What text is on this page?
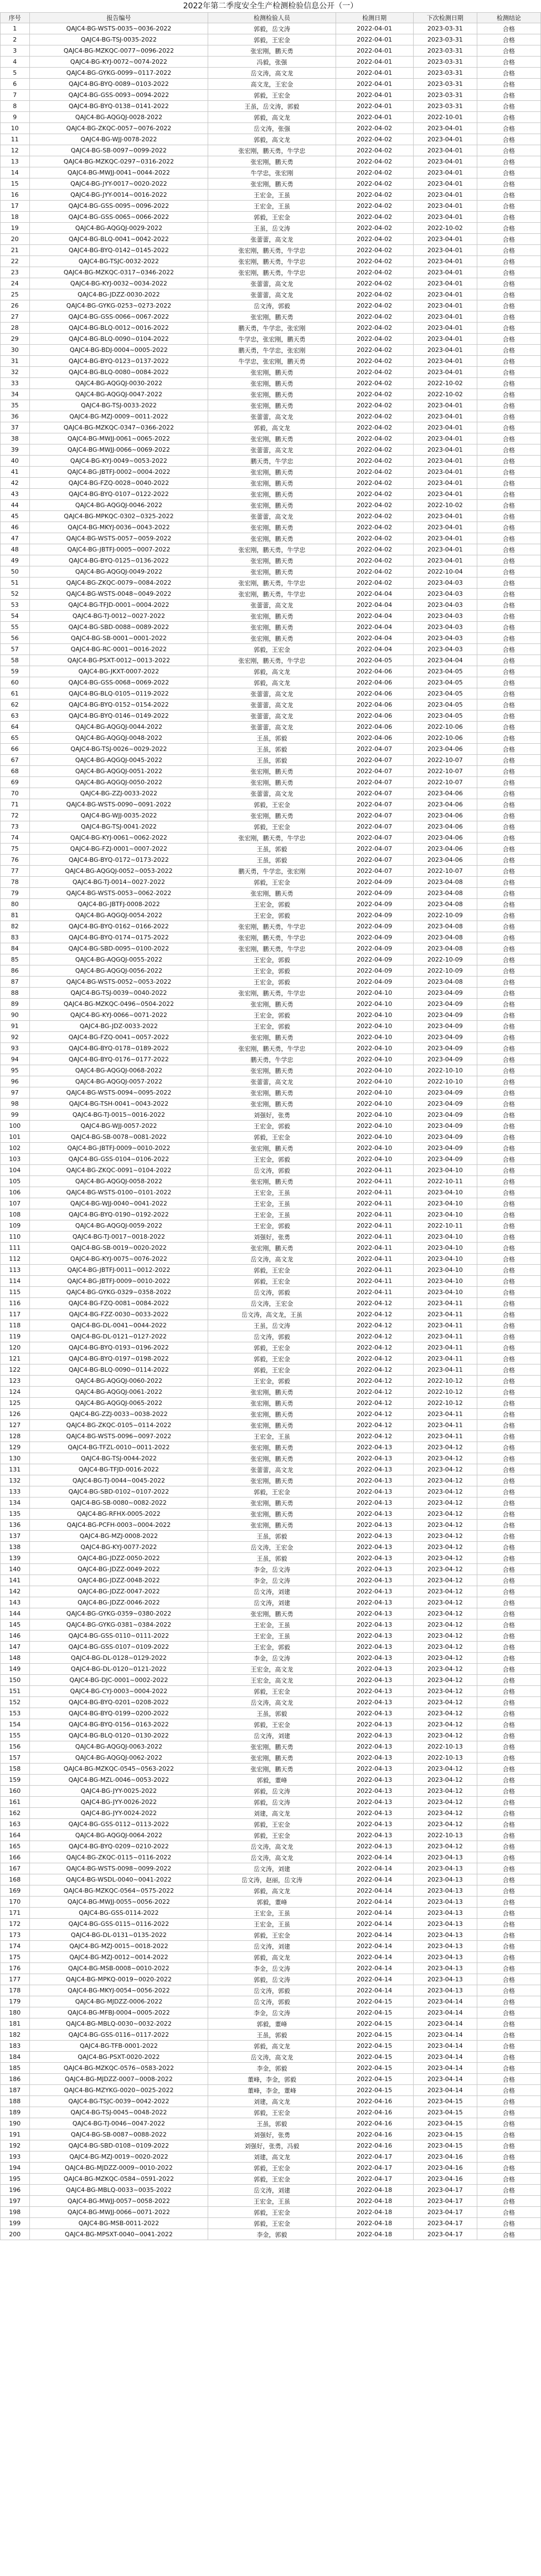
2022年第二季度安全生产检测检验信息公开（一）
序号	报告编号	检测检验人员	检测日期	下次检测日期	检测结论
1	QAJC4-BG-WSTS-0035~0036-2022	郭毅，岳文涛	2022-04-01	2023-03-31	合格
2	QAJC4-BG-TSJ-0035-2022	郭毅，王宏金	2022-04-01	2023-03-31	合格
3	QAJC4-BG-MZKQC-0077~0096-2022	张宏刚，鹏天勇	2022-04-01	2023-03-31	合格
4	QAJC4-BG-KYJ-0072~0074-2022	冯毅，张强	2022-04-01	2023-03-31	合格
5	QAJC4-BG-GYKG-0099~0117-2022	岳文涛，高文龙	2022-04-01	2023-03-31	合格
6	QAJC4-BG-BYQ-0089~0103-2022	高文龙，王宏金	2022-04-01	2023-03-31	合格
7	QAJC4-BG-GSS-0093~0094-2022	郭毅，王宏金	2022-04-01	2023-03-31	合格
8	QAJC4-BG-BYQ-0138~0141-2022	王虽，岳文涛，郭毅	2022-04-01	2023-03-31	合格
9	QAJC4-BG-AQGQJ-0028-2022	郭毅，高文龙	2022-04-01	2022-10-01	合格
10	QAJC4-BG-ZKQC-0057~0076-2022	岳文涛，张强	2022-04-02	2023-04-01	合格
11	QAJC4-BG-WJJ-0078-2022	郭毅，高文龙	2022-04-02	2023-04-01	合格
12	QAJC4-BG-SB-0097~0099-2022	张宏刚，鹏天勇，牛学忠	2022-04-02	2023-04-01	合格
13	QAJC4-BG-MZKQC-0297~0316-2022	张宏刚，鹏天勇	2022-04-02	2023-04-01	合格
14	QAJC4-BG-MWJJ-0041~0044-2022	牛学忠，张宏刚	2022-04-02	2023-04-01	合格
15	QAJC4-BG-JYY-0017~0020-2022	张宏刚，鹏天勇	2022-04-02	2023-04-01	合格
16	QAJC4-BG-JYY-0014~0016-2022	王宏金，王虽	2022-04-02	2023-04-01	合格
17	QAJC4-BG-GSS-0095~0096-2022	王宏金，王虽	2022-04-02	2023-04-01	合格
18	QAJC4-BG-GSS-0065~0066-2022	郭毅，王宏金	2022-04-02	2023-04-01	合格
19	QAJC4-BG-AQGQJ-0029-2022	王虽，岳文涛	2022-04-02	2022-10-02	合格
20	QAJC4-BG-BLQ-0041~0042-2022	张蕾蕾，高文龙	2022-04-02	2023-04-01	合格
21	QAJC4-BG-BYQ-0142~0145-2022	张宏刚，鹏天勇，牛学忠	2022-04-02	2023-04-01	合格
22	QAJC4-BG-TSJC-0032-2022	张宏刚，鹏天勇，牛学忠	2022-04-02	2023-04-01	合格
23	QAJC4-BG-MZKQC-0317~0346-2022	张宏刚，鹏天勇，牛学忠	2022-04-02	2023-04-01	合格
24	QAJC4-BG-KYJ-0032~0034-2022	张蕾蕾，高文龙	2022-04-02	2023-04-01	合格
25	QAJC4-BG-JDZZ-0030-2022	张蕾蕾，高文龙	2022-04-02	2023-04-01	合格
26	QAJC4-BG-GYKG-0253~0273-2022	岳文涛，郭毅	2022-04-02	2023-04-01	合格
27	QAJC4-BG-GSS-0066~0067-2022	张宏刚，鹏天勇	2022-04-02	2023-04-01	合格
28	QAJC4-BG-BLQ-0012~0016-2022	鹏天勇，牛学忠，张宏刚	2022-04-02	2023-04-01	合格
29	QAJC4-BG-BLQ-0090~0104-2022	牛学忠，张宏刚，鹏天勇	2022-04-02	2023-04-01	合格
30	QAJC4-BG-BDJ-0004~0005-2022	鹏天勇，牛学忠，张宏刚	2022-04-02	2023-04-01	合格
31	QAJC4-BG-BYQ-0123~0137-2022	牛学忠，张宏刚，鹏天勇	2022-04-02	2023-04-01	合格
32	QAJC4-BG-BLQ-0080~0084-2022	张宏刚，鹏天勇	2022-04-02	2023-04-01	合格
33	QAJC4-BG-AQGQJ-0030-2022	张宏刚，鹏天勇	2022-04-02	2022-10-02	合格
34	QAJC4-BG-AQGQJ-0047-2022	张宏刚，鹏天勇	2022-04-02	2022-10-02	合格
35	QAJC4-BG-TSJ-0033-2022	张宏刚，鹏天勇	2022-04-02	2023-04-01	合格
36	QAJC4-BG-MZJ-0009~0011-2022	张蕾蕾，高文龙	2022-04-02	2023-04-01	合格
37	QAJC4-BG-MZKQC-0347~0366-2022	郭毅，高文龙	2022-04-02	2023-04-01	合格
38	QAJC4-BG-MWJJ-0061~0065-2022	张宏刚，鹏天勇	2022-04-02	2023-04-01	合格
39	QAJC4-BG-MWJJ-0066~0069-2022	张蕾蕾，高文龙	2022-04-02	2023-04-01	合格
40	QAJC4-BG-KYJ-0049~0053-2022	鹏天勇，牛学忠	2022-04-02	2023-04-01	合格
41	QAJC4-BG-JBTFJ-0002~0004-2022	张宏刚，鹏天勇	2022-04-02	2023-04-01	合格
42	QAJC4-BG-FZQ-0028~0040-2022	张宏刚，鹏天勇	2022-04-02	2023-04-01	合格
43	QAJC4-BG-BYQ-0107~0122-2022	张宏刚，鹏天勇	2022-04-02	2023-04-01	合格
44	QAJC4-BG-AQGQJ-0046-2022	张宏刚，鹏天勇	2022-04-02	2022-10-02	合格
45	QAJC4-BG-MPKQC-0302~0325-2022	张蕾蕾，高文龙	2022-04-02	2023-04-01	合格
46	QAJC4-BG-MKYJ-0036~0043-2022	张宏刚，鹏天勇	2022-04-02	2023-04-01	合格
47	QAJC4-BG-WSTS-0057~0059-2022	张宏刚，鹏天勇	2022-04-02	2023-04-01	合格
48	QAJC4-BG-JBTFJ-0005~0007-2022	张宏刚，鹏天勇，牛学忠	2022-04-02	2023-04-01	合格
49	QAJC4-BG-BYQ-0125~0136-2022	张宏刚，鹏天勇	2022-04-02	2023-04-01	合格
50	QAJC4-BG-AQGQJ-0049-2022	张宏刚，鹏天勇	2022-04-02	2022-10-04	合格
51	QAJC4-BG-ZKQC-0079~0084-2022	张宏刚，鹏天勇，牛学忠	2022-04-02	2023-04-03	合格
52	QAJC4-BG-WSTS-0048~0049-2022	张宏刚，鹏天勇，牛学忠	2022-04-04	2023-04-03	合格
53	QAJC4-BG-TFJD-0001~0004-2022	张蕾蕾，高文龙	2022-04-04	2023-04-03	合格
54	QAJC4-BG-TJ-0012~0027-2022	张宏刚，鹏天勇	2022-04-04	2023-04-03	合格
55	QAJC4-BG-SBD-0088~0089-2022	张宏刚，鹏天勇	2022-04-04	2023-04-03	合格
56	QAJC4-BG-SB-0001~0001-2022	张宏刚，鹏天勇	2022-04-04	2023-04-03	合格
57	QAJC4-BG-RC-0001~0016-2022	郭毅，王宏金	2022-04-04	2023-04-03	合格
58	QAJC4-BG-PSXT-0012~0013-2022	张宏刚，鹏天勇，牛学忠	2022-04-05	2023-04-04	合格
59	QAJC4-BG-JKXT-0007-2022	郭毅，高文龙	2022-04-06	2023-04-05	合格
60	QAJC4-BG-GSS-0068~0069-2022	郭毅，高文龙	2022-04-06	2023-04-05	合格
61	QAJC4-BG-BLQ-0105~0119-2022	张蕾蕾，高文龙	2022-04-06	2023-04-05	合格
62	QAJC4-BG-BYQ-0152~0154-2022	张蕾蕾，高文龙	2022-04-06	2023-04-05	合格
63	QAJC4-BG-BYQ-0146~0149-2022	张蕾蕾，高文龙	2022-04-06	2023-04-05	合格
64	QAJC4-BG-AQGQJ-0044-2022	张蕾蕾，高文龙	2022-04-06	2022-10-06	合格
65	QAJC4-BG-AQGQJ-0048-2022	王虽，郭毅	2022-04-06	2022-10-06	合格
66	QAJC4-BG-TSJ-0026~0029-2022	王虽，郭毅	2022-04-07	2023-04-06	合格
67	QAJC4-BG-AQGQJ-0045-2022	王虽，郭毅	2022-04-07	2022-10-07	合格
68	QAJC4-BG-AQGQJ-0051-2022	张宏刚，鹏天勇	2022-04-07	2022-10-07	合格
69	QAJC4-BG-AQGQJ-0050-2022	张宏刚，鹏天勇	2022-04-07	2022-10-07	合格
70	QAJC4-BG-ZZJ-0033-2022	张蕾蕾，高文龙	2022-04-07	2023-04-06	合格
71	QAJC4-BG-WSTS-0090~0091-2022	郭毅，王宏金	2022-04-07	2023-04-06	合格
72	QAJC4-BG-WJJ-0035-2022	张宏刚，鹏天勇	2022-04-07	2023-04-06	合格
73	QAJC4-BG-TSJ-0041-2022	郭毅，王宏金	2022-04-07	2023-04-06	合格
74	QAJC4-BG-KYJ-0061~0062-2022	张宏刚，鹏天勇，牛学忠	2022-04-07	2023-04-06	合格
75	QAJC4-BG-FZJ-0001~0007-2022	王虽，郭毅	2022-04-07	2023-04-06	合格
76	QAJC4-BG-BYQ-0172~0173-2022	王虽，郭毅	2022-04-07	2023-04-06	合格
77	QAJC4-BG-AQGQJ-0052~0053-2022	鹏天勇，牛学忠，张宏刚	2022-04-07	2022-10-07	合格
78	QAJC4-BG-TJ-0014~0027-2022	郭毅，王宏金	2022-04-09	2023-04-08	合格
79	QAJC4-BG-WSTS-0053~0062-2022	张宏刚，鹏天勇	2022-04-09	2023-04-08	合格
80	QAJC4-BG-JBTFJ-0008-2022	王宏金，郭毅	2022-04-09	2023-04-08	合格
81	QAJC4-BG-AQGQJ-0054-2022	王宏金，郭毅	2022-04-09	2022-10-09	合格
82	QAJC4-BG-BYQ-0162~0166-2022	张宏刚，鹏天勇，牛学忠	2022-04-09	2023-04-08	合格
83	QAJC4-BG-BYQ-0174~0175-2022	张宏刚，鹏天勇，牛学忠	2022-04-09	2023-04-08	合格
84	QAJC4-BG-SBD-0095~0100-2022	张宏刚，鹏天勇，牛学忠	2022-04-09	2023-04-08	合格
85	QAJC4-BG-AQGQJ-0055-2022	王宏金，郭毅	2022-04-09	2022-10-09	合格
86	QAJC4-BG-AQGQJ-0056-2022	王宏金，郭毅	2022-04-09	2022-10-09	合格
87	QAJC4-BG-WSTS-0052~0053-2022	王宏金，郭毅	2022-04-09	2023-04-08	合格
88	QAJC4-BG-TSJ-0039~0040-2022	张宏刚，鹏天勇，牛学忠	2022-04-10	2023-04-09	合格
89	QAJC4-BG-MZKQC-0496~0504-2022	张宏刚，鹏天勇	2022-04-10	2023-04-09	合格
90	QAJC4-BG-KYJ-0066~0071-2022	王宏金，郭毅	2022-04-10	2023-04-09	合格
91	QAJC4-BG-JDZ-0033-2022	王宏金，郭毅	2022-04-10	2023-04-09	合格
92	QAJC4-BG-FZQ-0041~0057-2022	张宏刚，鹏天勇	2022-04-10	2023-04-09	合格
93	QAJC4-BG-BYQ-0178~0189-2022	张宏刚，鹏天勇，牛学忠	2022-04-10	2023-04-09	合格
94	QAJC4-BG-BYQ-0176~0177-2022	鹏天勇，牛学忠	2022-04-10	2023-04-09	合格
95	QAJC4-BG-AQGQJ-0068-2022	张宏刚，鹏天勇	2022-04-10	2022-10-10	合格
96	QAJC4-BG-AQGQJ-0057-2022	张蕾蕾，高文龙	2022-04-10	2022-10-10	合格
97	QAJC4-BG-WSTS-0094~0095-2022	张宏刚，鹏天勇	2022-04-10	2023-04-09	合格
98	QAJC4-BG-TSH-0041~0043-2022	张宏刚，鹏天勇	2022-04-10	2023-04-09	合格
99	QAJC4-BG-TJ-0015~0016-2022	刘强好，张勇	2022-04-10	2023-04-09	合格
100	QAJC4-BG-WJJ-0057-2022	王宏金，郭毅	2022-04-10	2023-04-09	合格
101	QAJC4-BG-SB-0078~0081-2022	郭毅，王宏金	2022-04-10	2023-04-09	合格
102	QAJC4-BG-JBTFJ-0009~0010-2022	张宏刚，鹏天勇	2022-04-10	2023-04-09	合格
103	QAJC4-BG-GSS-0104~0106-2022	王宏金，郭毅	2022-04-10	2023-04-09	合格
104	QAJC4-BG-ZKQC-0091~0104-2022	岳文涛，郭毅	2022-04-11	2023-04-10	合格
105	QAJC4-BG-AQGQJ-0058-2022	张宏刚，鹏天勇	2022-04-11	2022-10-11	合格
106	QAJC4-BG-WSTS-0100~0101-2022	王宏金，王虽	2022-04-11	2023-04-10	合格
107	QAJC4-BG-WJJ-0040~0041-2022	王宏金，王虽	2022-04-11	2023-04-10	合格
108	QAJC4-BG-BYQ-0190~0192-2022	王宏金，王虽	2022-04-11	2023-04-10	合格
109	QAJC4-BG-AQGQJ-0059-2022	王宏金，郭毅	2022-04-11	2022-10-11	合格
110	QAJC4-BG-TJ-0017~0018-2022	刘强好，张勇	2022-04-11	2023-04-10	合格
111	QAJC4-BG-SB-0019~0020-2022	张宏刚，鹏天勇	2022-04-11	2023-04-10	合格
112	QAJC4-BG-KYJ-0075~0076-2022	岳文涛，高文龙	2022-04-11	2023-04-10	合格
113	QAJC4-BG-JBTFJ-0011~0012-2022	郭毅，王宏金	2022-04-11	2023-04-10	合格
114	QAJC4-BG-JBTFJ-0009~0010-2022	郭毅，王宏金	2022-04-11	2023-04-10	合格
115	QAJC4-BG-GYKG-0329~0358-2022	岳文涛，郭毅	2022-04-11	2023-04-10	合格
116	QAJC4-BG-FZQ-0081~0084-2022	岳文涛，王宏金	2022-04-12	2023-04-11	合格
117	QAJC4-BG-FZZ-0030~0033-2022	岳文涛，高文龙，王虽	2022-04-12	2023-04-11	合格
118	QAJC4-BG-DL-0041~0044-2022	王虽，岳文涛	2022-04-12	2023-04-11	合格
119	QAJC4-BG-DL-0121~0127-2022	岳文涛，郭毅	2022-04-12	2023-04-11	合格
120	QAJC4-BG-BYQ-0193~0196-2022	郭毅，王宏金	2022-04-12	2023-04-11	合格
121	QAJC4-BG-BYQ-0197~0198-2022	郭毅，王宏金	2022-04-12	2023-04-11	合格
122	QAJC4-BG-BLQ-0090~0114-2022	郭毅，王宏金	2022-04-12	2023-04-11	合格
123	QAJC4-BG-AQGQJ-0060-2022	王宏金，郭毅	2022-04-12	2022-10-12	合格
124	QAJC4-BG-AQGQJ-0061-2022	张宏刚，鹏天勇	2022-04-12	2022-10-12	合格
125	QAJC4-BG-AQGQJ-0065-2022	张宏刚，鹏天勇	2022-04-12	2022-10-12	合格
126	QAJC4-BG-ZZJ-0033~0038-2022	张宏刚，鹏天勇	2022-04-12	2023-04-11	合格
127	QAJC4-BG-ZKQC-0105~0114-2022	张宏刚，鹏天勇	2022-04-12	2023-04-11	合格
128	QAJC4-BG-WSTS-0096~0097-2022	王宏金，王虽	2022-04-12	2023-04-11	合格
129	QAJC4-BG-TFZL-0010~0011-2022	张宏刚，鹏天勇	2022-04-13	2023-04-12	合格
130	QAJC4-BG-TSJ-0044-2022	张宏刚，鹏天勇	2022-04-13	2023-04-12	合格
131	QAJC4-BG-TFJD-0016-2022	张蕾蕾，高文龙	2022-04-13	2023-04-12	合格
132	QAJC4-BG-TJ-0044~0045-2022	张宏刚，鹏天勇	2022-04-13	2023-04-12	合格
133	QAJC4-BG-SBD-0102~0107-2022	郭毅，王宏金	2022-04-13	2023-04-12	合格
134	QAJC4-BG-SB-0080~0082-2022	张宏刚，鹏天勇	2022-04-13	2023-04-12	合格
135	QAJC4-BG-RFHX-0005-2022	张宏刚，鹏天勇	2022-04-13	2023-04-12	合格
136	QAJC4-BG-PCFH-0003~0004-2022	张宏刚，鹏天勇	2022-04-13	2023-04-12	合格
137	QAJC4-BG-MZJ-0008-2022	王虽，郭毅	2022-04-13	2023-04-12	合格
138	QAJC4-BG-KYJ-0077-2022	岳文涛，王宏金	2022-04-13	2023-04-12	合格
139	QAJC4-BG-JDZZ-0050-2022	王虽，郭毅	2022-04-13	2023-04-12	合格
140	QAJC4-BG-JDZZ-0049-2022	李金，岳文涛	2022-04-13	2023-04-12	合格
141	QAJC4-BG-JDZZ-0048-2022	李金，岳文涛	2022-04-13	2023-04-12	合格
142	QAJC4-BG-JDZZ-0047-2022	岳文涛，刘建	2022-04-13	2023-04-12	合格
143	QAJC4-BG-JDZZ-0046-2022	岳文涛，刘建	2022-04-13	2023-04-12	合格
144	QAJC4-BG-GYKG-0359~0380-2022	张宏刚，鹏天勇	2022-04-13	2023-04-12	合格
145	QAJC4-BG-GYKG-0381~0384-2022	王宏金，王虽	2022-04-13	2023-04-12	合格
146	QAJC4-BG-GSS-0110~0111-2022	王宏金，王虽	2022-04-13	2023-04-12	合格
147	QAJC4-BG-GSS-0107~0109-2022	王宏金，郭毅	2022-04-13	2023-04-12	合格
148	QAJC4-BG-DL-0128~0129-2022	李金，岳文涛	2022-04-13	2023-04-12	合格
149	QAJC4-BG-DL-0120~0121-2022	王宏金，高文龙	2022-04-13	2023-04-12	合格
150	QAJC4-BG-DJC-0001~0002-2022	王宏金，高文龙	2022-04-13	2023-04-12	合格
151	QAJC4-BG-CYJ-0003~0004-2022	郭毅，王宏金	2022-04-13	2023-04-12	合格
152	QAJC4-BG-BYQ-0201~0208-2022	岳文涛，高文龙	2022-04-13	2023-04-12	合格
153	QAJC4-BG-BYQ-0199~0200-2022	王虽，郭毅	2022-04-13	2023-04-12	合格
154	QAJC4-BG-BYQ-0156~0163-2022	郭毅，王宏金	2022-04-13	2023-04-12	合格
155	QAJC4-BG-BLQ-0120~0130-2022	岳文涛，刘建	2022-04-13	2023-04-12	合格
156	QAJC4-BG-AQGQJ-0063-2022	张宏刚，鹏天勇	2022-04-13	2022-10-13	合格
157	QAJC4-BG-AQGQJ-0062-2022	张宏刚，鹏天勇	2022-04-13	2022-10-13	合格
158	QAJC4-BG-MZKQC-0545~0563-2022	张宏刚，鹏天勇	2022-04-13	2023-04-12	合格
159	QAJC4-BG-MZL-0046~0053-2022	郭毅，董峰	2022-04-13	2023-04-12	合格
160	QAJC4-BG-JYY-0025-2022	郭毅，岳文涛	2022-04-13	2023-04-12	合格
161	QAJC4-BG-JYY-0026-2022	郭毅，岳文涛	2022-04-13	2023-04-12	合格
162	QAJC4-BG-JYY-0024-2022	刘建，高文龙	2022-04-13	2023-04-12	合格
163	QAJC4-BG-GSS-0112~0113-2022	郭毅，王宏金	2022-04-13	2023-04-12	合格
164	QAJC4-BG-AQGQJ-0064-2022	郭毅，王宏金	2022-04-13	2022-10-13	合格
165	QAJC4-BG-BYQ-0209~0210-2022	岳文涛，高文龙	2022-04-13	2023-04-12	合格
166	QAJC4-BG-ZKQC-0115~0116-2022	岳文涛，高文龙	2022-04-14	2023-04-13	合格
167	QAJC4-BG-WSTS-0098~0099-2022	岳文涛，刘建	2022-04-14	2023-04-13	合格
168	QAJC4-BG-WSDL-0040~0041-2022	岳文涛，赵丽，岳文涛	2022-04-14	2023-04-13	合格
169	QAJC4-BG-MZKQC-0564~0575-2022	郭毅，高文龙	2022-04-14	2023-04-13	合格
170	QAJC4-BG-MWJJ-0055~0056-2022	郭毅，董峰	2022-04-14	2023-04-13	合格
171	QAJC4-BG-GSS-0114-2022	王宏金，王虽	2022-04-14	2023-04-13	合格
172	QAJC4-BG-GSS-0115~0116-2022	王宏金，王虽	2022-04-14	2023-04-13	合格
173	QAJC4-BG-DL-0131~0135-2022	郭毅，王宏金	2022-04-14	2023-04-13	合格
174	QAJC4-BG-MZJ-0015~0018-2022	岳文涛，刘建	2022-04-14	2023-04-13	合格
175	QAJC4-BG-MZJ-0012~0014-2022	郭毅，高文龙	2022-04-14	2023-04-13	合格
176	QAJC4-BG-MSB-0008~0010-2022	李金，岳文涛	2022-04-14	2023-04-13	合格
177	QAJC4-BG-MPKQ-0019~0020-2022	郭毅，岳文涛	2022-04-14	2023-04-13	合格
178	QAJC4-BG-MKYJ-0054~0056-2022	岳文涛，郭毅	2022-04-14	2023-04-13	合格
179	QAJC4-BG-MJDZZ-0006-2022	岳文涛，郭毅	2022-04-15	2023-04-14	合格
180	QAJC4-BG-MFBJ-0004~0005-2022	李金，岳文涛	2022-04-15	2023-04-14	合格
181	QAJC4-BG-MBLQ-0030~0032-2022	郭毅，董峰	2022-04-15	2023-04-14	合格
182	QAJC4-BG-GSS-0116~0117-2022	王虽，郭毅	2022-04-15	2023-04-14	合格
183	QAJC4-BG-TFB-0001-2022	郭毅，高文龙	2022-04-15	2023-04-14	合格
184	QAJC4-BG-PSXT-0020-2022	岳文涛，高文龙	2022-04-15	2023-04-14	合格
185	QAJC4-BG-MZKQC-0576~0583-2022	李金，郭毅	2022-04-15	2023-04-14	合格
186	QAJC4-BG-MJDZZ-0007~0008-2022	董峰，李金，郭毅	2022-04-15	2023-04-14	合格
187	QAJC4-BG-MZYKG-0020~0025-2022	董峰，李金，董峰	2022-04-15	2023-04-14	合格
188	QAJC4-BG-TSJC-0039~0042-2022	刘建，高文龙	2022-04-16	2023-04-15	合格
189	QAJC4-BG-TSJ-0045~0048-2022	郭毅，王宏金	2022-04-16	2023-04-15	合格
190	QAJC4-BG-TJ-0046~0047-2022	王虽，郭毅	2022-04-16	2023-04-15	合格
191	QAJC4-BG-SB-0087~0088-2022	刘强好，张勇	2022-04-16	2023-04-15	合格
192	QAJC4-BG-SBD-0108~0109-2022	刘强好，张勇，冯毅	2022-04-16	2023-04-15	合格
193	QAJC4-BG-MZJ-0019~0020-2022	刘建，高文龙	2022-04-17	2023-04-16	合格
194	QAJC4-BG-MJDZZ-0009~0010-2022	郭毅，王宏金	2022-04-17	2023-04-16	合格
195	QAJC4-BG-MZKQC-0584~0591-2022	郭毅，王宏金	2022-04-17	2023-04-16	合格
196	QAJC4-BG-MBLQ-0033~0035-2022	岳文涛，刘建	2022-04-18	2023-04-17	合格
197	QAJC4-BG-MWJJ-0057~0058-2022	王宏金，王虽	2022-04-18	2023-04-17	合格
198	QAJC4-BG-MWJJ-0066~0071-2022	郭毅，王宏金	2022-04-18	2023-04-17	合格
199	QAJC4-BG-MSB-0011-2022	郭毅，王宏金	2022-04-18	2023-04-17	合格
200	QAJC4-BG-MPSXT-0040~0041-2022	李金，郭毅	2022-04-18	2023-04-17	合格
